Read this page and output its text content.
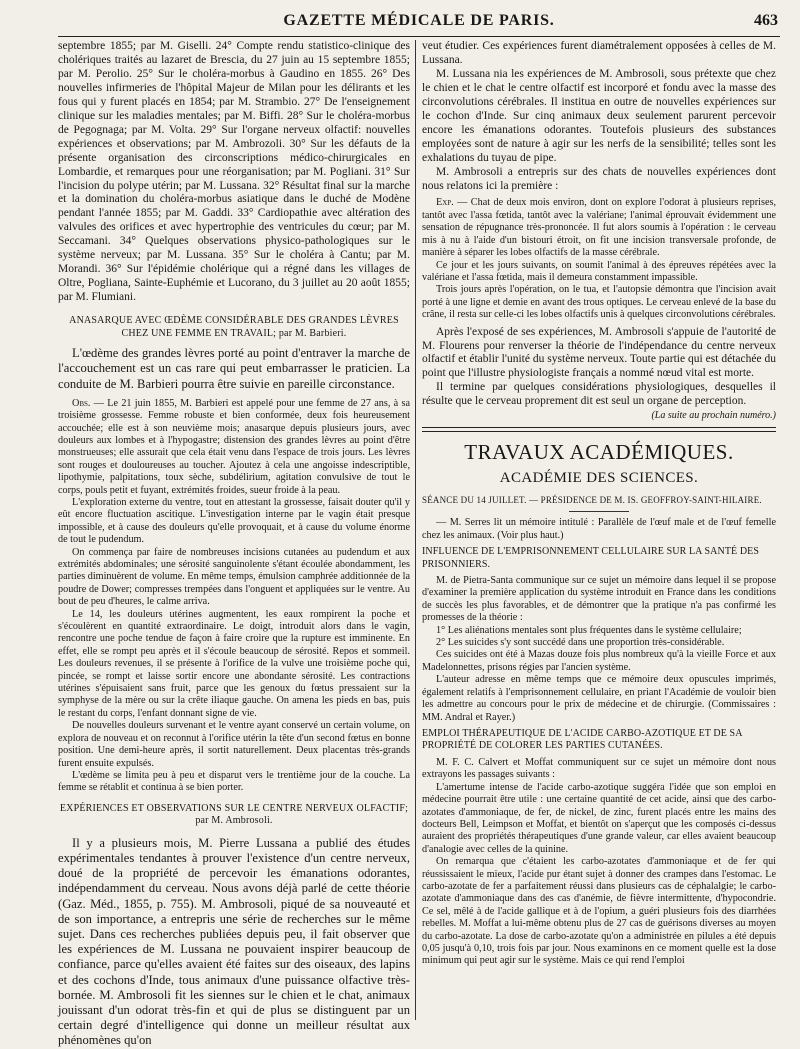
GAZETTE MÉDICALE DE PARIS.	463

septembre 1855; par M. Giselli. 24° Compte rendu statistico-clinique des cholériques traités au lazaret de Brescia, du 27 juin au 15 septembre 1855; par M. Perolio. 25° Sur le choléra-morbus à Gaudino en 1855. 26° Des nouvelles infirmeries de l'hôpital Majeur de Milan pour les délirants et les fous qui y furent placés en 1854; par M. Strambio. 27° De l'enseignement clinique sur les maladies mentales; par M. Biffi. 28° Sur le choléra-morbus de Pegognaga; par M. Volta. 29° Sur l'organe nerveux olfactif: nouvelles expériences et observations; par M. Ambrozoli. 30° Sur les défauts de la présente organisation des circonscriptions médico-chirurgicales en Lombardie, et remarques pour une réorganisation; par M. Pogliani. 31° Sur l'incision du polype utérin; par M. Lussana. 32° Résultat final sur la marche et la domination du choléra-morbus asiatique dans le duché de Modène pendant l'année 1855; par M. Gaddi. 33° Cardiopathie avec altération des valvules des orifices et avec hypertrophie des ventricules du cœur; par M. Seccamani. 34° Quelques observations physico-pathologiques sur le système nerveux; par M. Lussana. 35° Sur le choléra à Cantu; par M. Morandi. 36° Sur l'épidémie cholérique qui a régné dans les villages de Oltre, Pogliana, Sainte-Euphémie et Lucorano, du 3 juillet au 20 août 1855; par M. Flumiani.

ANASARQUE AVEC ŒDÈME CONSIDÉRABLE DES GRANDES LÈVRES CHEZ UNE FEMME EN TRAVAIL; par M. Barbieri.

L'œdème des grandes lèvres porté au point d'entraver la marche de l'accouchement est un cas rare qui peut embarrasser le praticien. La conduite de M. Barbieri pourra être suivie en pareille circonstance.

Obs. — Le 21 juin 1855, M. Barbieri est appelé pour une femme de 27 ans, à sa troisième grossesse. Femme robuste et bien conformée, deux fois heureusement accouchée; elle est à son neuvième mois; anasarque depuis plusieurs jours, avec douleurs aux lombes et à l'hypogastre; distension des grandes lèvres au point d'être monstrueuses; elle assurait que cela était venu dans l'espace de trois jours. Les lèvres sont rouges et douloureuses au toucher. Ajoutez à cela une angoisse indescriptible, lipothymie, palpitations, toux sèche, subdélirium, agitation convulsive de tout le corps, pouls petit et fuyant, extrémités froides, sueur froide à la peau.

L'exploration externe du ventre, tout en attestant la grossesse, faisait douter qu'il y eût encore fluctuation ascitique. L'investigation interne par le vagin était presque impossible, et à cause des douleurs qu'elle provoquait, et à cause du volume énorme de tout le pudendum.

On commença par faire de nombreuses incisions cutanées au pudendum et aux extrémités abdominales; une sérosité sanguinolente s'étant écoulée abondamment, les parties diminuèrent de volume. En même temps, émulsion camphrée additionnée de la poudre de Dower; compresses trempées dans l'onguent et appliquées sur le ventre. Au bout de peu d'heures, le calme arriva.

Le 14, les douleurs utérines augmentent, les eaux rompirent la poche et s'écoulèrent en quantité extraordinaire. Le doigt, introduit alors dans le vagin, rencontre une poche tendue de façon à faire croire que la rupture est imminente. En effet, elle se rompt peu après et il s'écoule beaucoup de sérosité. Repos et sommeil. Les douleurs revenues, il se présente à l'orifice de la vulve une troisième poche qui, pincée, se rompt et laisse sortir encore une abondante sérosité. Les contractions utérines s'épuisaient sans fruit, parce que les genoux du fœtus pressaient sur la symphyse de la mère ou sur la crête iliaque gauche. On amena les pieds en bas, puis le restant du corps, l'enfant donnant signe de vie.

De nouvelles douleurs survenant et le ventre ayant conservé un certain volume, on explora de nouveau et on reconnut à l'orifice utérin la tête d'un second fœtus en bonne position. Une demi-heure après, il sortit naturellement. Deux placentas très-grands furent ensuite expulsés.

L'œdème se limita peu à peu et disparut vers le trentième jour de la couche. La femme se rétablit et continua à se bien porter.

EXPÉRIENCES ET OBSERVATIONS SUR LE CENTRE NERVEUX OLFACTIF; par M. Ambrosoli.

Il y a plusieurs mois, M. Pierre Lussana a publié des études expérimentales tendantes à prouver l'existence d'un centre nerveux, doué de la propriété de percevoir les émanations odorantes, indépendamment du cerveau. Nous avons déjà parlé de cette théorie (Gaz. Méd., 1855, p. 755). M. Ambrosoli, piqué de sa nouveauté et de son importance, a entrepris une série de recherches sur le même sujet. Dans ces recherches publiées depuis peu, il fait observer que les expériences de M. Lussana ne pouvaient inspirer beaucoup de confiance, parce qu'elles avaient été faites sur des oiseaux, des lapins et des cochons d'Inde, tous animaux d'une puissance olfactive très-bornée. M. Ambrosoli fit les siennes sur le chien et le chat, animaux jouissant d'un odorat très-fin et qui de plus se distinguent par un certain degré d'intelligence qui donne un meilleur résultat aux phénomènes qu'on

veut étudier. Ces expériences furent diamétralement opposées à celles de M. Lussana.

M. Lussana nia les expériences de M. Ambrosoli, sous prétexte que chez le chien et le chat le centre olfactif est incorporé et fondu avec la masse des circonvolutions cérébrales. Il institua en outre de nouvelles expériences sur le cochon d'Inde. Sur cinq animaux deux seulement parurent percevoir encore les émanations odorantes. Toutefois plusieurs des substances employées sont de nature à agir sur les nerfs de la sensibilité; telles sont les exhalations du tuyau de pipe.

M. Ambrosoli a entrepris sur des chats de nouvelles expériences dont nous relatons ici la première :

Exp. — Chat de deux mois environ, dont on explore l'odorat à plusieurs reprises, tantôt avec l'assa fœtida, tantôt avec la valériane; l'animal éprouvait évidemment une sensation de répugnance très-prononcée. Il fut alors soumis à l'opération : le cerveau mis à nu à l'aide d'un bistouri étroit, on fit une incision transversale profonde, de manière à séparer les lobes olfactifs de la masse cérébrale.

Ce jour et les jours suivants, on soumit l'animal à des épreuves répétées avec la valériane et l'assa fœtida, mais il demeura constamment impassible.

Trois jours après l'opération, on le tua, et l'autopsie démontra que l'incision avait porté à une ligne et demie en avant des trous optiques. Le cerveau enlevé de la base du crâne, il resta sur celle-ci les lobes olfactifs unis à quelques circonvolutions cérébrales.

Après l'exposé de ses expériences, M. Ambrosoli s'appuie de l'autorité de M. Flourens pour renverser la théorie de l'indépendance du centre nerveux olfactif et établir l'unité du système nerveux. Toute partie qui est détachée du point que l'illustre physiologiste français a nommé nœud vital est morte.

Il termine par quelques considérations physiologiques, desquelles il résulte que le cerveau proprement dit est seul un organe de perception.

(La suite au prochain numéro.)

TRAVAUX ACADÉMIQUES.
ACADÉMIE DES SCIENCES.

SÉANCE DU 14 JUILLET. — PRÉSIDENCE DE M. IS. GEOFFROY-SAINT-HILAIRE.

— M. Serres lit un mémoire intitulé : Parallèle de l'œuf male et de l'œuf femelle chez les animaux. (Voir plus haut.)

INFLUENCE DE L'EMPRISONNEMENT CELLULAIRE SUR LA SANTÉ DES PRISONNIERS.

M. de Pietra-Santa communique sur ce sujet un mémoire dans lequel il se propose d'examiner la première application du système introduit en France dans les conditions de succès les plus favorables, et de démontrer que la pratique n'a pas confirmé les promesses de la théorie :

1° Les aliénations mentales sont plus fréquentes dans le système cellulaire;

2° Les suicides s'y sont succédé dans une proportion très-considérable.

Ces suicides ont été à Mazas douze fois plus nombreux qu'à la vieille Force et aux Madelonnettes, prisons régies par l'ancien système.

L'auteur adresse en même temps que ce mémoire deux opuscules imprimés, également relatifs à l'emprisonnement cellulaire, en priant l'Académie de vouloir bien les admettre au concours pour le prix de médecine et de chirurgie. (Commissaires : MM. Andral et Rayer.)

EMPLOI THÉRAPEUTIQUE DE L'ACIDE CARBO-AZOTIQUE ET DE SA PROPRIÉTÉ DE COLORER LES PARTIES CUTANÉES.

M. F. C. Calvert et Moffat communiquent sur ce sujet un mémoire dont nous extrayons les passages suivants :

L'amertume intense de l'acide carbo-azotique suggéra l'idée que son emploi en médecine pourrait être utile : une certaine quantité de cet acide, ainsi que des carbo-azotates d'ammoniaque, de fer, de nickel, de zinc, furent placés entre les mains des docteurs Bell, Leimpson et Moffat, et bientôt on s'aperçut que les composés ci-dessus auraient des propriétés thérapeutiques d'une grande valeur, car elles avaient beaucoup d'analogie avec celles de la quinine.

On remarqua que c'étaient les carbo-azotates d'ammoniaque et de fer qui réussissaient le mieux, l'acide pur étant sujet à donner des crampes dans l'estomac. Le carbo-azotate de fer a parfaitement réussi dans plusieurs cas de céphalalgie; le carbo-azotate d'ammoniaque dans des cas d'anémie, de fièvre intermittente, d'hypocondrie. Ce sel, mêlé à de l'acide gallique et à de l'opium, a guéri plusieurs fois des diarrhées rebelles. M. Moffat a lui-même obtenu plus de 27 cas de guérisons diverses au moyen du carbo-azotate. La dose de carbo-azotate qu'on a administrée en pilules a été depuis 0,05 jusqu'à 0,10, trois fois par jour. Nous examinons en ce moment quelle est la dose minimum qui peut agir sur le système. Mais ce qui rend l'emploi
